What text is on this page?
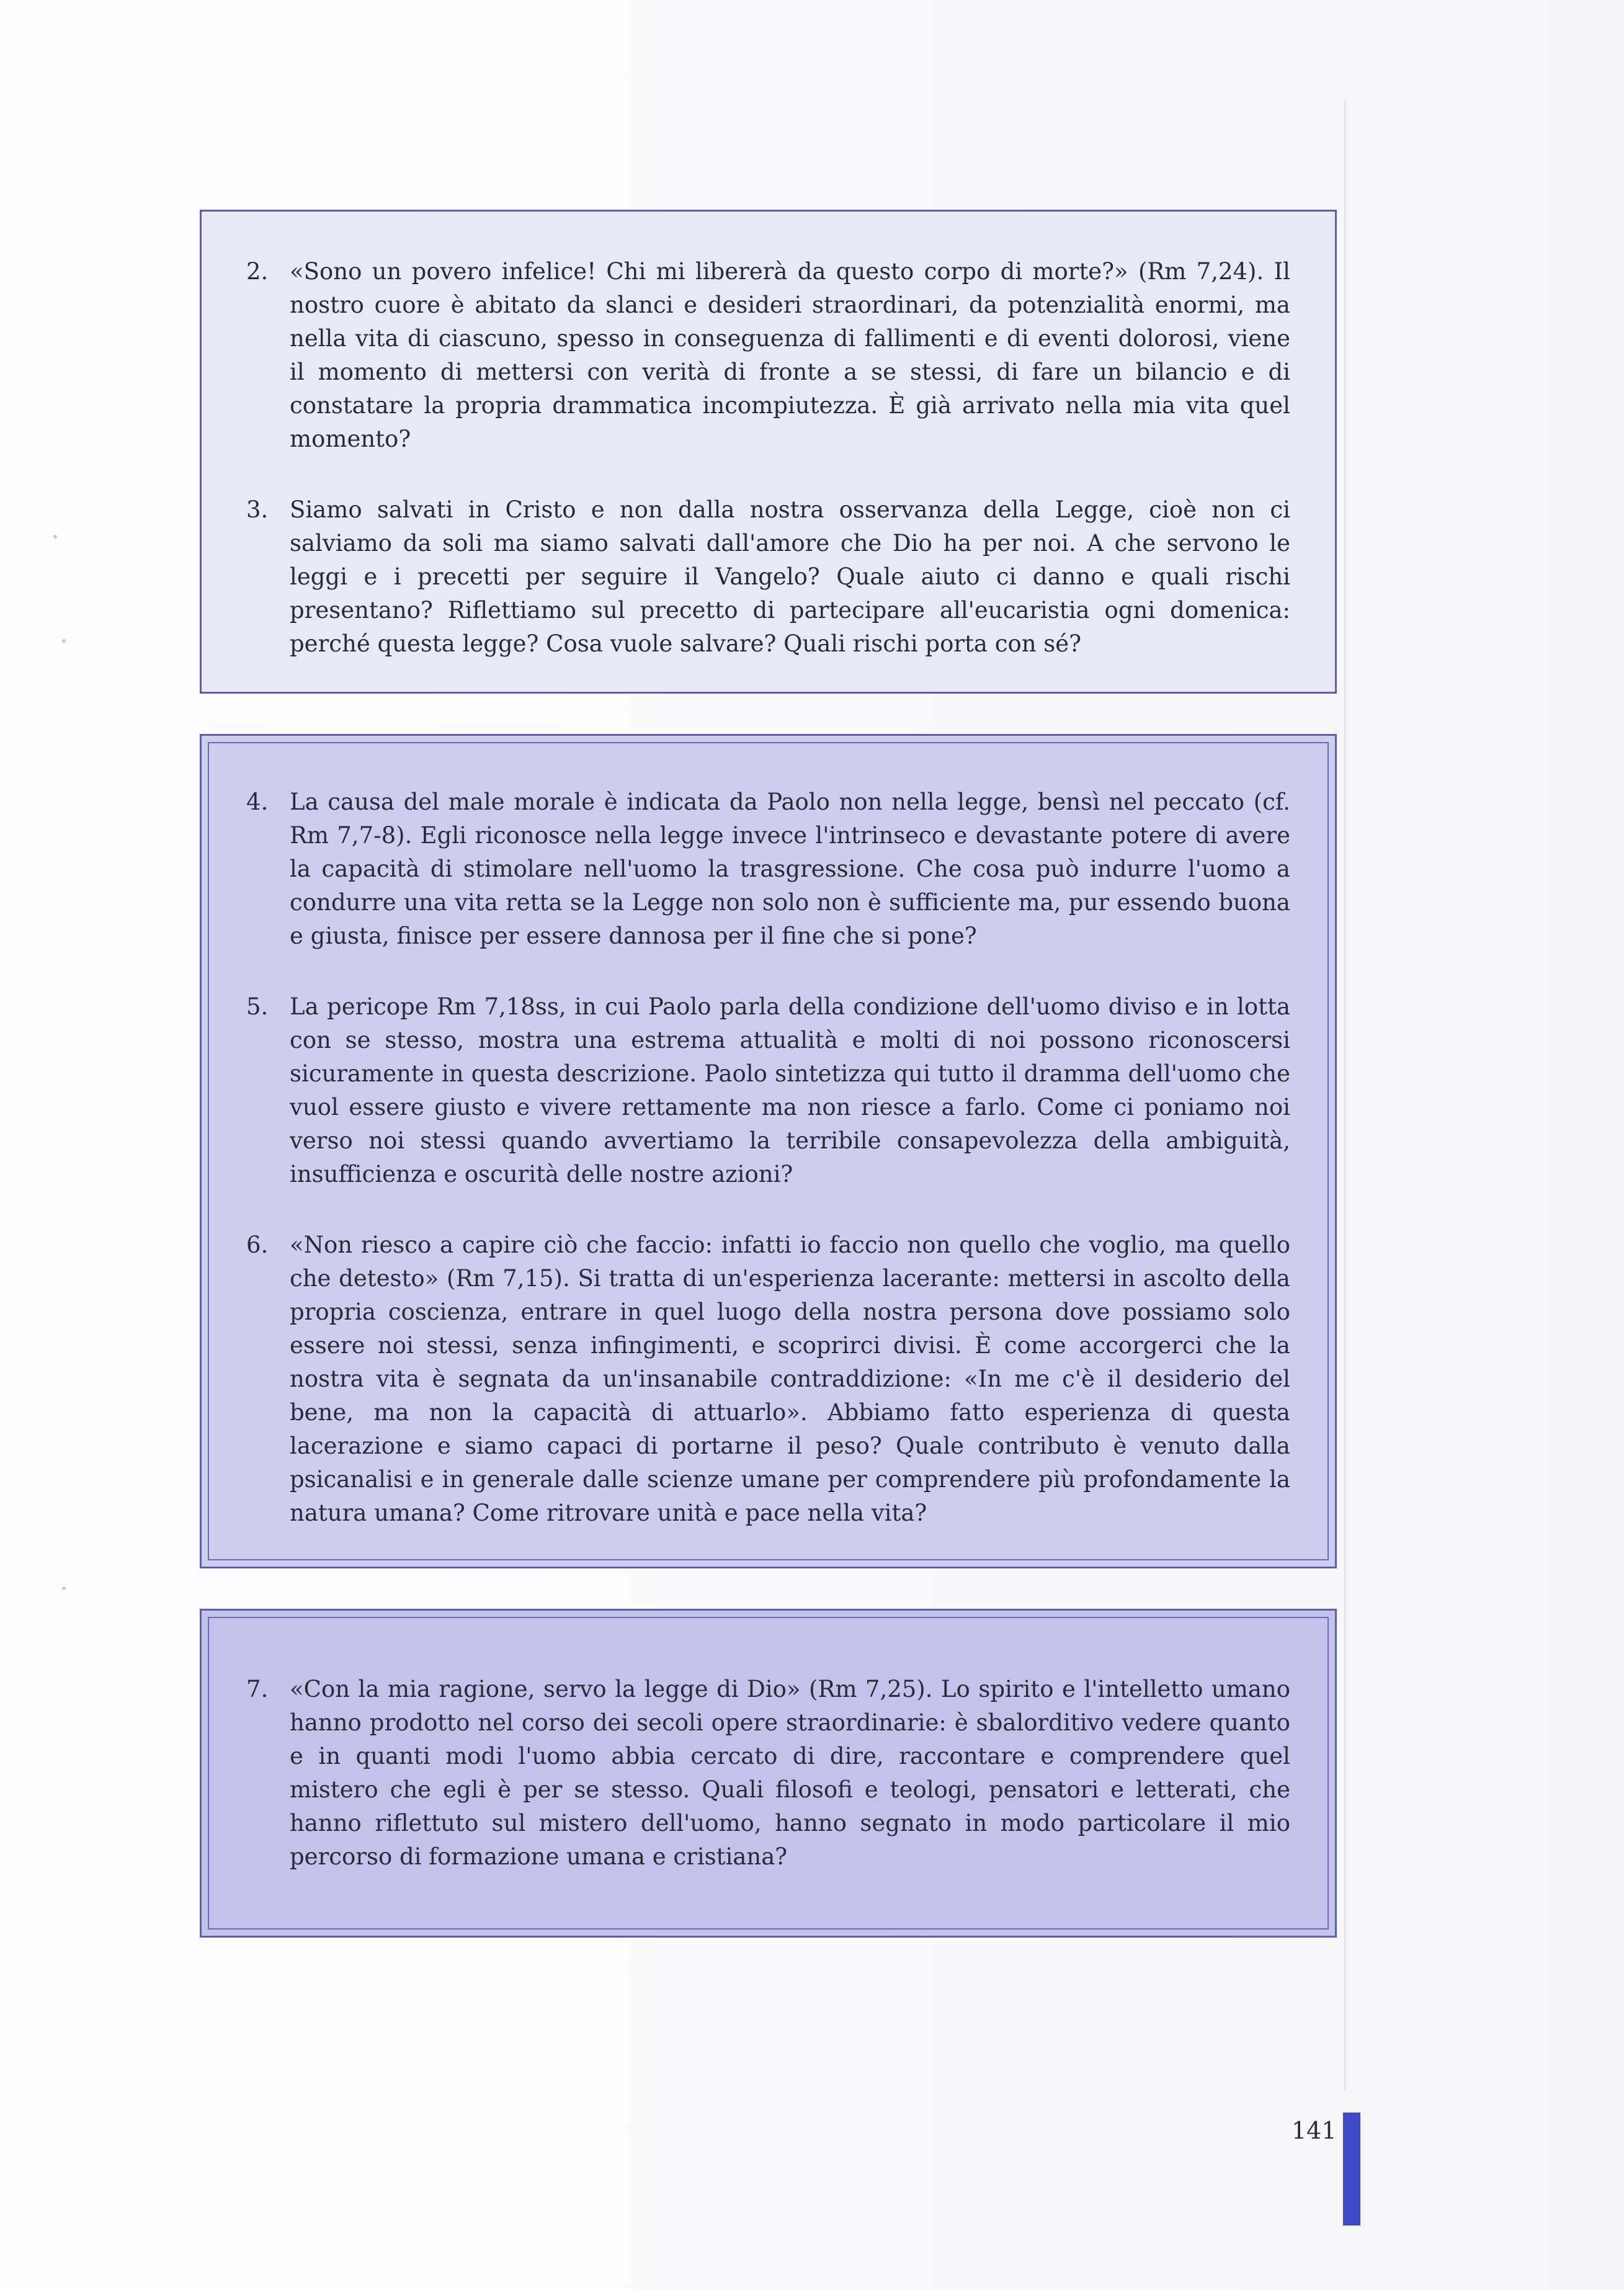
2. «Sono un povero infelice! Chi mi libererà da questo corpo di morte?» (Rm 7,24). Il nostro cuore è abitato da slanci e desideri straordinari, da potenzialità enormi, ma nella vita di ciascuno, spesso in conseguenza di fallimenti e di eventi dolorosi, viene il momento di mettersi con verità di fronte a se stessi, di fare un bilancio e di constatare la propria drammatica incompiutezza. È già arrivato nella mia vita quel momento?
3. Siamo salvati in Cristo e non dalla nostra osservanza della Legge, cioè non ci salviamo da soli ma siamo salvati dall'amore che Dio ha per noi. A che servono le leggi e i precetti per seguire il Vangelo? Quale aiuto ci danno e quali rischi presentano? Riflettiamo sul precetto di partecipare all'eucaristia ogni domenica: perché questa legge? Cosa vuole salvare? Quali rischi porta con sé?
4. La causa del male morale è indicata da Paolo non nella legge, bensì nel peccato (cf. Rm 7,7-8). Egli riconosce nella legge invece l'intrinseco e devastante potere di avere la capacità di stimolare nell'uomo la trasgressione. Che cosa può indurre l'uomo a condurre una vita retta se la Legge non solo non è sufficiente ma, pur essendo buona e giusta, finisce per essere dannosa per il fine che si pone?
5. La pericope Rm 7,18ss, in cui Paolo parla della condizione dell'uomo diviso e in lotta con se stesso, mostra una estrema attualità e molti di noi possono riconoscersi sicuramente in questa descrizione. Paolo sintetizza qui tutto il dramma dell'uomo che vuol essere giusto e vivere rettamente ma non riesce a farlo. Come ci poniamo noi verso noi stessi quando avvertiamo la terribile consapevolezza della ambiguità, insufficienza e oscurità delle nostre azioni?
6. «Non riesco a capire ciò che faccio: infatti io faccio non quello che voglio, ma quello che detesto» (Rm 7,15). Si tratta di un'esperienza lacerante: mettersi in ascolto della propria coscienza, entrare in quel luogo della nostra persona dove possiamo solo essere noi stessi, senza infingimenti, e scoprirci divisi. È come accorgerci che la nostra vita è segnata da un'insanabile contraddizione: «In me c'è il desiderio del bene, ma non la capacità di attuarlo». Abbiamo fatto esperienza di questa lacerazione e siamo capaci di portarne il peso? Quale contributo è venuto dalla psicanalisi e in generale dalle scienze umane per comprendere più profondamente la natura umana? Come ritrovare unità e pace nella vita?
7. «Con la mia ragione, servo la legge di Dio» (Rm 7,25). Lo spirito e l'intelletto umano hanno prodotto nel corso dei secoli opere straordinarie: è sbalorditivo vedere quanto e in quanti modi l'uomo abbia cercato di dire, raccontare e comprendere quel mistero che egli è per se stesso. Quali filosofi e teologi, pensatori e letterati, che hanno riflettuto sul mistero dell'uomo, hanno segnato in modo particolare il mio percorso di formazione umana e cristiana?
141
